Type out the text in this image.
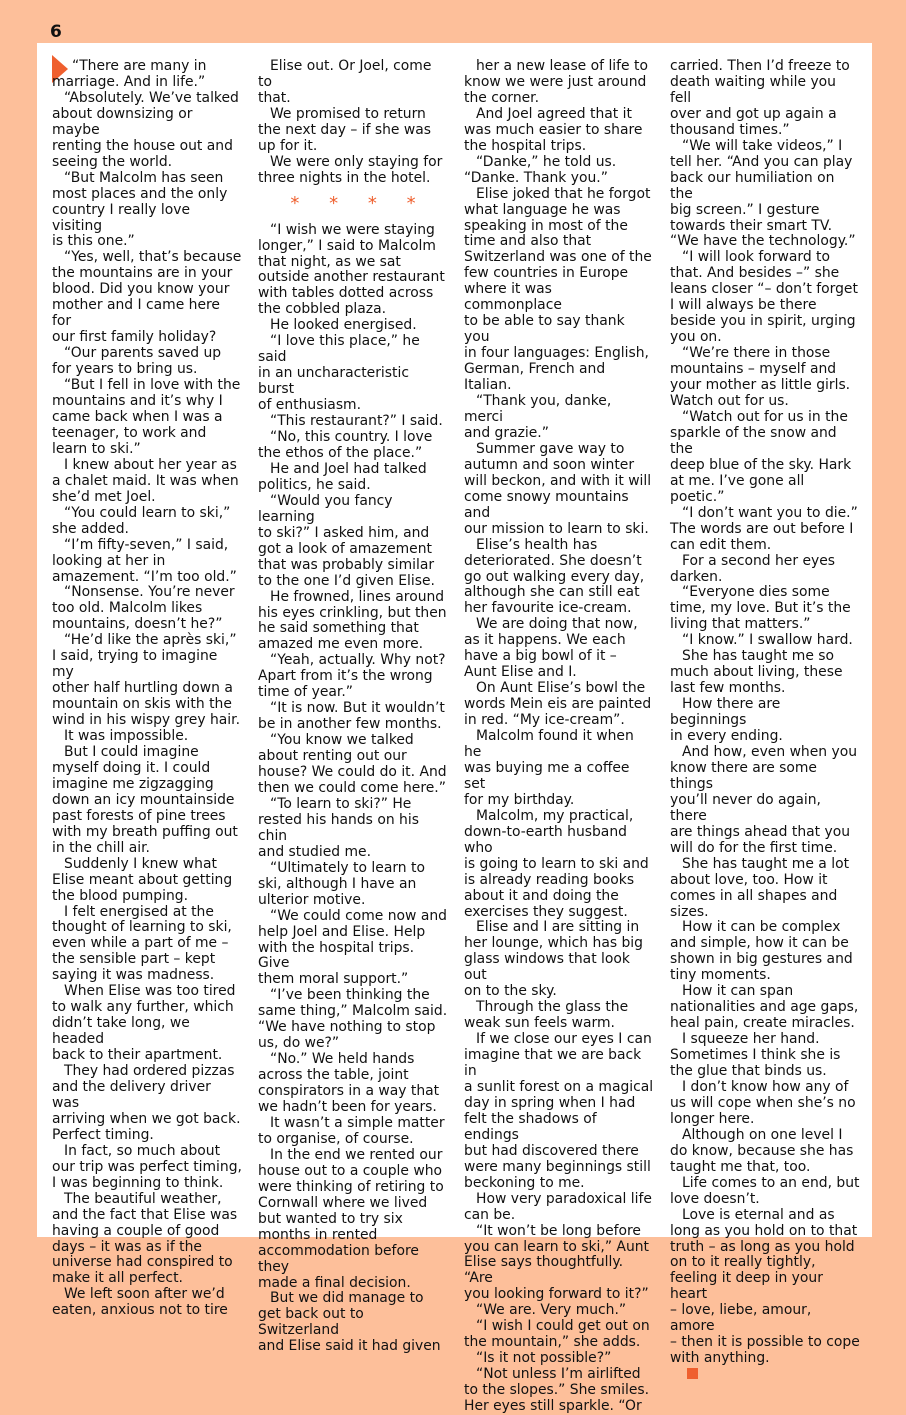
6

“There are many in
marriage. And in life.”

“Absolutely. We’ve talked
about downsizing or maybe
renting the house out and
seeing the world.

“But Malcolm has seen
most places and the only
country I really love visiting
is this one.”

“Yes, well, that’s because
the mountains are in your
blood. Did you know your
mother and I came here for
our first family holiday?

“Our parents saved up
for years to bring us.

“But I fell in love with the
mountains and it’s why I
came back when I was a
teenager, to work and
learn to ski.”

I knew about her year as
a chalet maid. It was when
she’d met Joel.

“You could learn to ski,”
she added.

“I’m fifty-seven,” I said,
looking at her in
amazement. “I’m too old.”

“Nonsense. You’re never
too old. Malcolm likes
mountains, doesn’t he?”

“He’d like the après ski,”
I said, trying to imagine my
other half hurtling down a
mountain on skis with the
wind in his wispy grey hair.

It was impossible.

But I could imagine
myself doing it. I could
imagine me zigzagging
down an icy mountainside
past forests of pine trees
with my breath puffing out
in the chill air.

Suddenly I knew what
Elise meant about getting
the blood pumping.

I felt energised at the
thought of learning to ski,
even while a part of me –
the sensible part – kept
saying it was madness.

When Elise was too tired
to walk any further, which
didn’t take long, we headed
back to their apartment.

They had ordered pizzas
and the delivery driver was
arriving when we got back.
Perfect timing.

In fact, so much about
our trip was perfect timing,
I was beginning to think.

The beautiful weather,
and the fact that Elise was
having a couple of good
days – it was as if the
universe had conspired to
make it all perfect.

We left soon after we’d
eaten, anxious not to tire

Elise out. Or Joel, come to
that.

We promised to return
the next day – if she was
up for it.

We were only staying for
three nights in the hotel.

* * * *

“I wish we were staying
longer,” I said to Malcolm
that night, as we sat
outside another restaurant
with tables dotted across
the cobbled plaza.

He looked energised.

“I love this place,” he said
in an uncharacteristic burst
of enthusiasm.

“This restaurant?” I said.

“No, this country. I love
the ethos of the place.”

He and Joel had talked
politics, he said.

“Would you fancy learning
to ski?” I asked him, and
got a look of amazement
that was probably similar
to the one I’d given Elise.

He frowned, lines around
his eyes crinkling, but then
he said something that
amazed me even more.

“Yeah, actually. Why not?
Apart from it’s the wrong
time of year.”

“It is now. But it wouldn’t
be in another few months.

“You know we talked
about renting out our
house? We could do it. And
then we could come here.”

“To learn to ski?” He
rested his hands on his chin
and studied me.

“Ultimately to learn to
ski, although I have an
ulterior motive.

“We could come now and
help Joel and Elise. Help
with the hospital trips. Give
them moral support.”

“I’ve been thinking the
same thing,” Malcolm said.
“We have nothing to stop
us, do we?”

“No.” We held hands
across the table, joint
conspirators in a way that
we hadn’t been for years.

It wasn’t a simple matter
to organise, of course.

In the end we rented our
house out to a couple who
were thinking of retiring to
Cornwall where we lived
but wanted to try six
months in rented
accommodation before they
made a final decision.

But we did manage to
get back out to Switzerland
and Elise said it had given

her a new lease of life to
know we were just around
the corner.

And Joel agreed that it
was much easier to share
the hospital trips.

“Danke,” he told us.
“Danke. Thank you.”

Elise joked that he forgot
what language he was
speaking in most of the
time and also that
Switzerland was one of the
few countries in Europe
where it was commonplace
to be able to say thank you
in four languages: English,
German, French and Italian.

“Thank you, danke, merci
and grazie.”

Summer gave way to
autumn and soon winter
will beckon, and with it will
come snowy mountains and
our mission to learn to ski.

Elise’s health has
deteriorated. She doesn’t
go out walking every day,
although she can still eat
her favourite ice-cream.

We are doing that now,
as it happens. We each
have a big bowl of it –
Aunt Elise and I.

On Aunt Elise’s bowl the
words Mein eis are painted
in red. “My ice-cream”.

Malcolm found it when he
was buying me a coffee set
for my birthday.

Malcolm, my practical,
down-to-earth husband who
is going to learn to ski and
is already reading books
about it and doing the
exercises they suggest.

Elise and I are sitting in
her lounge, which has big
glass windows that look out
on to the sky.

Through the glass the
weak sun feels warm.

If we close our eyes I can
imagine that we are back in
a sunlit forest on a magical
day in spring when I had
felt the shadows of endings
but had discovered there
were many beginnings still
beckoning to me.

How very paradoxical life
can be.

“It won’t be long before
you can learn to ski,” Aunt
Elise says thoughtfully. “Are
you looking forward to it?”

“We are. Very much.”

“I wish I could get out on
the mountain,” she adds.

“Is it not possible?”

“Not unless I’m airlifted
to the slopes.” She smiles.
Her eyes still sparkle. “Or

carried. Then I’d freeze to
death waiting while you fell
over and got up again a
thousand times.”

“We will take videos,” I
tell her. “And you can play
back our humiliation on the
big screen.” I gesture
towards their smart TV.
“We have the technology.”

“I will look forward to
that. And besides –” she
leans closer “– don’t forget
I will always be there
beside you in spirit, urging
you on.

“We’re there in those
mountains – myself and
your mother as little girls.
Watch out for us.

“Watch out for us in the
sparkle of the snow and the
deep blue of the sky. Hark
at me. I’ve gone all poetic.”

“I don’t want you to die.”
The words are out before I
can edit them.

For a second her eyes
darken.

“Everyone dies some
time, my love. But it’s the
living that matters.”

“I know.” I swallow hard.

She has taught me so
much about living, these
last few months.

How there are beginnings
in every ending.

And how, even when you
know there are some things
you’ll never do again, there
are things ahead that you
will do for the first time.

She has taught me a lot
about love, too. How it
comes in all shapes and
sizes.

How it can be complex
and simple, how it can be
shown in big gestures and
tiny moments.

How it can span
nationalities and age gaps,
heal pain, create miracles.

I squeeze her hand.
Sometimes I think she is
the glue that binds us.

I don’t know how any of
us will cope when she’s no
longer here.

Although on one level I
do know, because she has
taught me that, too.

Life comes to an end, but
love doesn’t.

Love is eternal and as
long as you hold on to that
truth – as long as you hold
on to it really tightly,
feeling it deep in your heart
– love, liebe, amour, amore
– then it is possible to cope
with anything.
